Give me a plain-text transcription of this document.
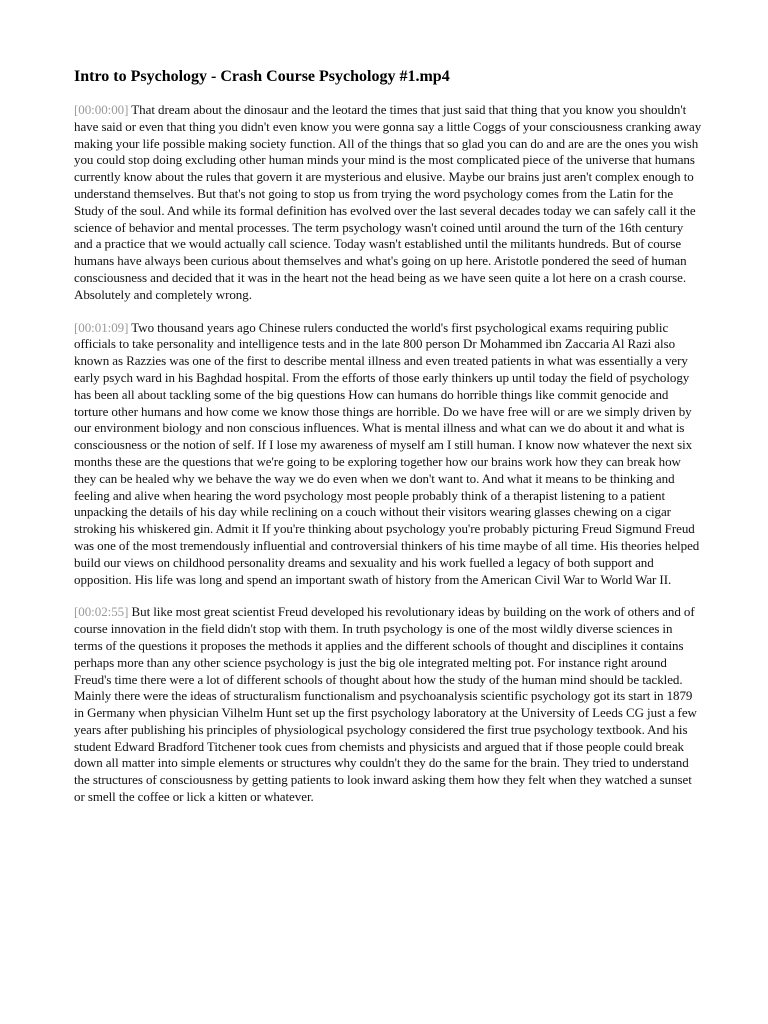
Intro to Psychology - Crash Course Psychology #1.mp4

[00:00:00] That dream about the dinosaur and the leotard the times that just said that thing that you know you shouldn't have said or even that thing you didn't even know you were gonna say a little Coggs of your consciousness cranking away making your life possible making society function. All of the things that so glad you can do and are are the ones you wish you could stop doing excluding other human minds your mind is the most complicated piece of the universe that humans currently know about the rules that govern it are mysterious and elusive. Maybe our brains just aren't complex enough to understand themselves. But that's not going to stop us from trying the word psychology comes from the Latin for the Study of the soul. And while its formal definition has evolved over the last several decades today we can safely call it the science of behavior and mental processes. The term psychology wasn't coined until around the turn of the 16th century and a practice that we would actually call science. Today wasn't established until the militants hundreds. But of course humans have always been curious about themselves and what's going on up here. Aristotle pondered the seed of human consciousness and decided that it was in the heart not the head being as we have seen quite a lot here on a crash course. Absolutely and completely wrong.

[00:01:09] Two thousand years ago Chinese rulers conducted the world's first psychological exams requiring public officials to take personality and intelligence tests and in the late 800 person Dr Mohammed ibn Zaccaria Al Razi also known as Razzies was one of the first to describe mental illness and even treated patients in what was essentially a very early psych ward in his Baghdad hospital. From the efforts of those early thinkers up until today the field of psychology has been all about tackling some of the big questions How can humans do horrible things like commit genocide and torture other humans and how come we know those things are horrible. Do we have free will or are we simply driven by our environment biology and non conscious influences. What is mental illness and what can we do about it and what is consciousness or the notion of self. If I lose my awareness of myself am I still human. I know now whatever the next six months these are the questions that we're going to be exploring together how our brains work how they can break how they can be healed why we behave the way we do even when we don't want to. And what it means to be thinking and feeling and alive when hearing the word psychology most people probably think of a therapist listening to a patient unpacking the details of his day while reclining on a couch without their visitors wearing glasses chewing on a cigar stroking his whiskered gin. Admit it If you're thinking about psychology you're probably picturing Freud Sigmund Freud was one of the most tremendously influential and controversial thinkers of his time maybe of all time. His theories helped build our views on childhood personality dreams and sexuality and his work fuelled a legacy of both support and opposition. His life was long and spend an important swath of history from the American Civil War to World War II.

[00:02:55] But like most great scientist Freud developed his revolutionary ideas by building on the work of others and of course innovation in the field didn't stop with them. In truth psychology is one of the most wildly diverse sciences in terms of the questions it proposes the methods it applies and the different schools of thought and disciplines it contains perhaps more than any other science psychology is just the big ole integrated melting pot. For instance right around Freud's time there were a lot of different schools of thought about how the study of the human mind should be tackled. Mainly there were the ideas of structuralism functionalism and psychoanalysis scientific psychology got its start in 1879 in Germany when physician Vilhelm Hunt set up the first psychology laboratory at the University of Leeds CG just a few years after publishing his principles of physiological psychology considered the first true psychology textbook. And his student Edward Bradford Titchener took cues from chemists and physicists and argued that if those people could break down all matter into simple elements or structures why couldn't they do the same for the brain. They tried to understand the structures of consciousness by getting patients to look inward asking them how they felt when they watched a sunset or smell the coffee or lick a kitten or whatever.
